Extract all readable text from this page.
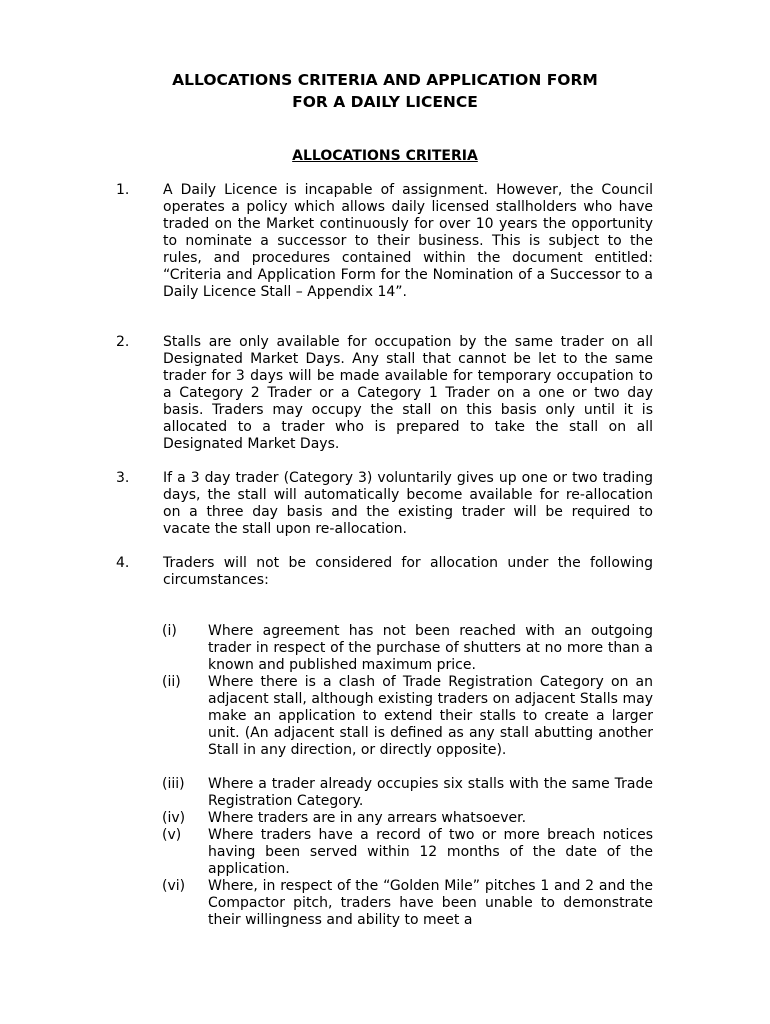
ALLOCATIONS CRITERIA AND APPLICATION FORM
FOR A DAILY LICENCE
ALLOCATIONS CRITERIA
1. A Daily Licence is incapable of assignment. However, the Council operates a policy which allows daily licensed stallholders who have traded on the Market continuously for over 10 years the opportunity to nominate a successor to their business. This is subject to the rules, and procedures contained within the document entitled: “Criteria and Application Form for the Nomination of a Successor to a Daily Licence Stall – Appendix 14”.

2. Stalls are only available for occupation by the same trader on all Designated Market Days. Any stall that cannot be let to the same trader for 3 days will be made available for temporary occupation to a Category 2 Trader or a Category 1 Trader on a one or two day basis. Traders may occupy the stall on this basis only until it is allocated to a trader who is prepared to take the stall on all Designated Market Days.

3. If a 3 day trader (Category 3) voluntarily gives up one or two trading days, the stall will automatically become available for re-allocation on a three day basis and the existing trader will be required to vacate the stall upon re-allocation.

4. Traders will not be considered for allocation under the following circumstances:

(i) Where agreement has not been reached with an outgoing trader in respect of the purchase of shutters at no more than a known and published maximum price.

(ii) Where there is a clash of Trade Registration Category on an adjacent stall, although existing traders on adjacent Stalls may make an application to extend their stalls to create a larger unit. (An adjacent stall is defined as any stall abutting another Stall in any direction, or directly opposite).

(iii) Where a trader already occupies six stalls with the same Trade Registration Category.

(iv) Where traders are in any arrears whatsoever.

(v) Where traders have a record of two or more breach notices having been served within 12 months of the date of the application.

(vi) Where, in respect of the “Golden Mile” pitches 1 and 2 and the Compactor pitch, traders have been unable to demonstrate their willingness and ability to meet a
